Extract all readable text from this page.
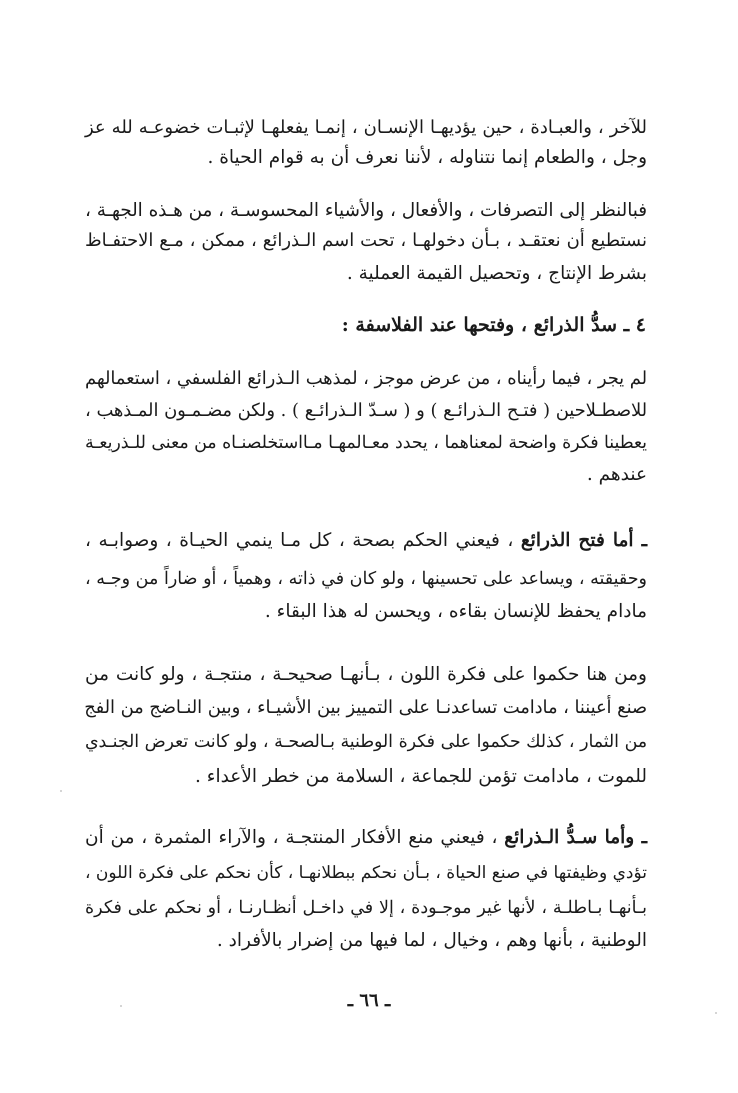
للآخر ، والعبـادة ، حين يؤديهـا الإنسـان ، إنمـا يفعلهـا لإثبـات خضوعـه لله عز
وجل ، والطعام إنما نتناوله ، لأننا نعرف أن به قوام الحياة .
فبالنظر إلى التصرفات ، والأفعال ، والأشياء المحسوسـة ، من هـذه الجهـة ،
نستطيع أن نعتقـد ، بـأن دخولهـا ، تحت اسم الـذرائع ، ممكن ، مـع الاحتفـاظ
بشرط الإنتاج ، وتحصيل القيمة العملية .
٤ ـ سدُّ الذرائع ، وفتحها عند الفلاسفة :
لم يجر ، فيما رأيناه ، من عرض موجز ، لمذهب الـذرائع الفلسفي ، استعمالهم
للاصطـلاحين ( فتـح الـذرائـع ) و ( سـدّ الـذرائـع ) . ولكن مضـمـون المـذهب ،
يعطينا فكرة واضحة لمعناهما ، يحدد معـالمهـا مـااستخلصنـاه من معنى للـذريعـة
عندهم .
ـ أما فتح الذرائع ، فيعني الحكم بصحة ، كل مـا ينمي الحيـاة ، وصوابـه ،
وحقيقته ، ويساعد على تحسينها ، ولو كان في ذاته ، وهمياً ، أو ضاراً من وجـه ،
مادام يحفظ للإنسان بقاءه ، ويحسن له هذا البقاء .
ومن هنا حكموا على فكرة اللون ، بـأنهـا صحيحـة ، منتجـة ، ولو كانت من
صنع أعيننا ، مادامت تساعدنـا على التمييز بين الأشيـاء ، وبين النـاضج من الفج
من الثمار ، كذلك حكموا على فكرة الوطنية بـالصحـة ، ولو كانت تعرض الجنـدي
للموت ، مادامت تؤمن للجماعة ، السلامة من خطر الأعداء .
ـ وأما سـدُّ الـذرائع ، فيعني منع الأفكار المنتجـة ، والآراء المثمرة ، من أن
تؤدي وظيفتها في صنع الحياة ، بـأن نحكم ببطلانهـا ، كأن نحكم على فكرة اللون ،
بـأنهـا بـاطلـة ، لأنها غير موجـودة ، إلا في داخـل أنظـارنـا ، أو نحكم على فكرة
الوطنية ، بأنها وهم ، وخيال ، لما فيها من إضرار بالأفراد .
ـ ٦٦ ـ
